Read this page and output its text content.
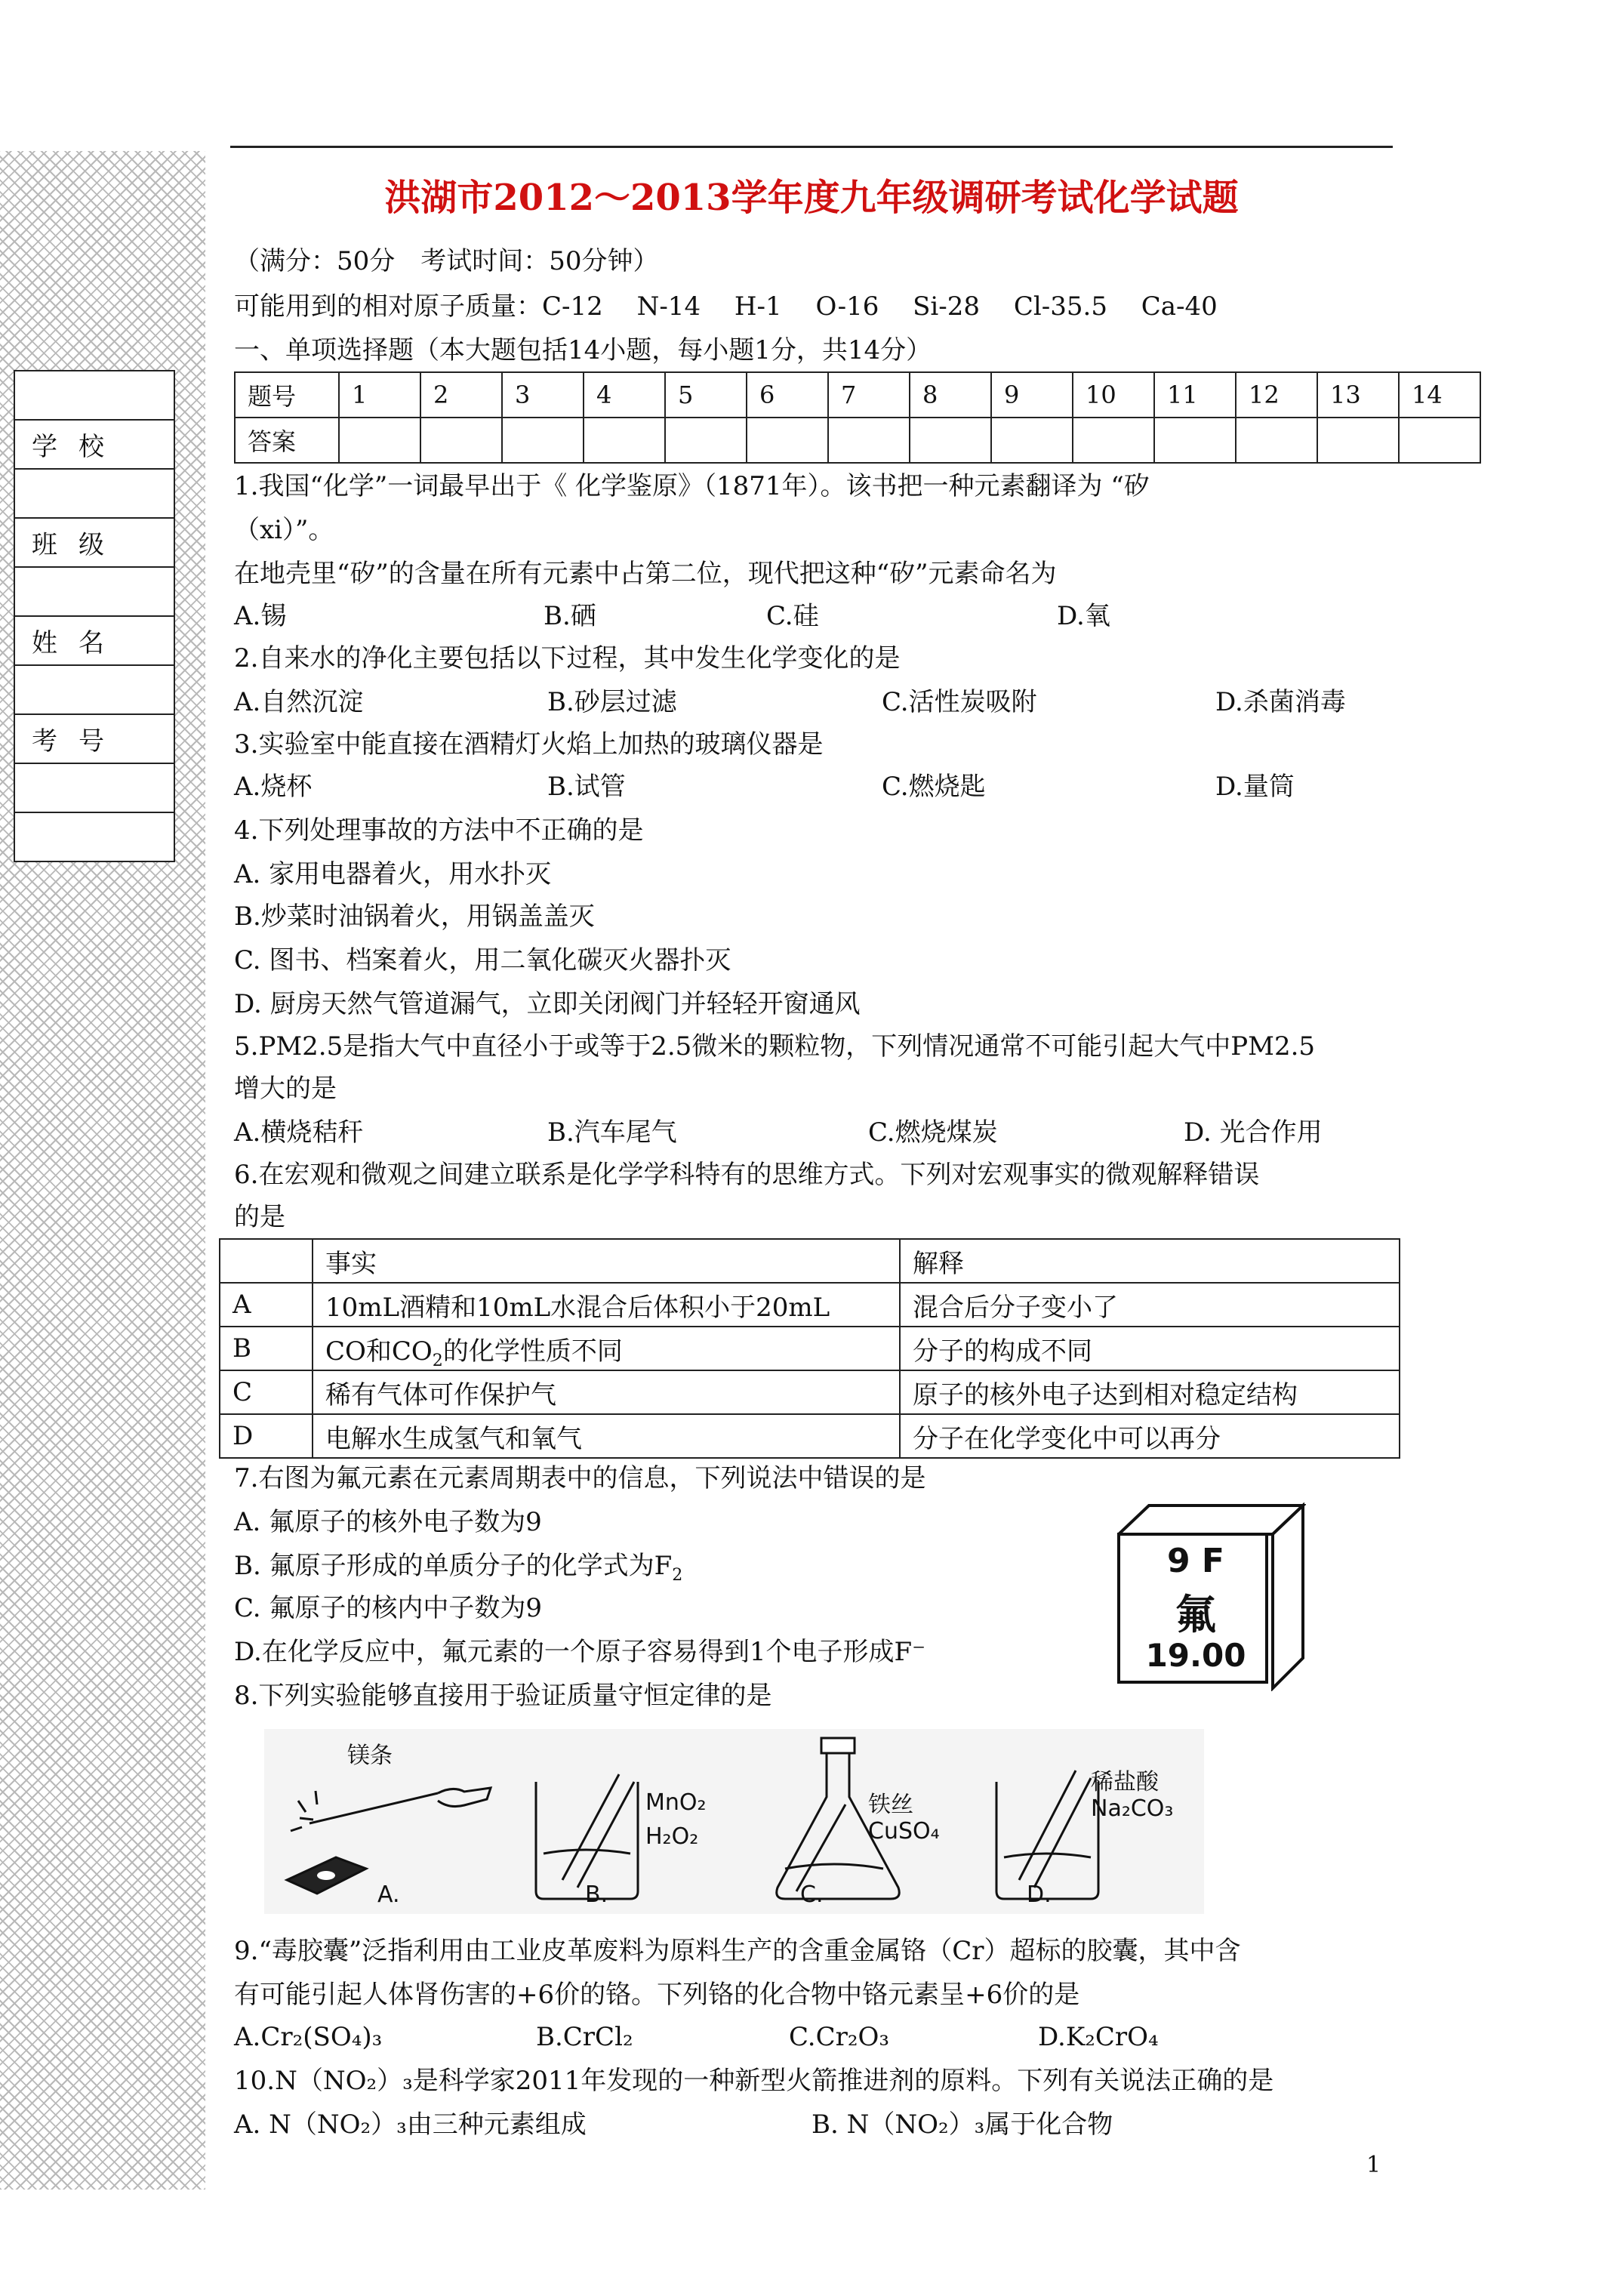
学校

班级

姓名

考号

洪湖市2012～2013学年度九年级调研考试化学试题
（满分：50分　考试时间：50分钟）
可能用到的相对原子质量：C-12　 N-14 　H-1　 O-16 　Si-28 　Cl-35.5 　Ca-40
一、单项选择题（本大题包括14小题，每小题1分，共14分）
题号	1	2	3	4	5	6	7	8	9	10	11	12	13	14
答案														
1.我国“化学”一词最早出于《 化学鉴原》（1871年）。该书把一种元素翻译为 “矽
（xi）”。
在地壳里“矽”的含量在所有元素中占第二位，现代把这种“矽”元素命名为
A.锡	B.硒	C.硅	D.氧
2.自来水的净化主要包括以下过程，其中发生化学变化的是
A.自然沉淀	B.砂层过滤	C.活性炭吸附	D.杀菌消毒
3.实验室中能直接在酒精灯火焰上加热的玻璃仪器是
A.烧杯	B.试管	C.燃烧匙	D.量筒
4.下列处理事故的方法中不正确的是
A. 家用电器着火，用水扑灭
B.炒菜时油锅着火，用锅盖盖灭
C. 图书、档案着火，用二氧化碳灭火器扑灭
D. 厨房天然气管道漏气，立即关闭阀门并轻轻开窗通风
5.PM2.5是指大气中直径小于或等于2.5微米的颗粒物，下列情况通常不可能引起大气中PM2.5
增大的是
A.横烧秸秆	B.汽车尾气	C.燃烧煤炭	D. 光合作用
6.在宏观和微观之间建立联系是化学学科特有的思维方式。下列对宏观事实的微观解释错误
的是
	事实	解释
A	10mL酒精和10mL水混合后体积小于20mL	混合后分子变小了
B	CO和$CO_2$的化学性质不同	分子的构成不同
C	稀有气体可作保护气	原子的核外电子达到相对稳定结构
D	电解水生成氢气和氧气	分子在化学变化中可以再分
7.右图为氟元素在元素周期表中的信息，下列说法中错误的是
A. 氟原子的核外电子数为9
B. 氟原子形成的单质分子的化学式为$F_2$
C. 氟原子的核内中子数为9
D.在化学反应中，氟元素的一个原子容易得到1个电子形成F⁻
9 F
氟
19.00
8.下列实验能够直接用于验证质量守恒定律的是
镁条
MnO₂
H₂O₂
铁丝
CuSO₄
稀盐酸
Na₂CO₃
A.	B.	C.	D.
9.“毒胶囊”泛指利用由工业皮革废料为原料生产的含重金属铬（Cr）超标的胶囊，其中含
有可能引起人体肾伤害的+6价的铬。下列铬的化合物中铬元素呈+6价的是
A.Cr₂(SO₄)₃	B.CrCl₂	C.Cr₂O₃	D.K₂CrO₄
10.N（NO₂）₃是科学家2011年发现的一种新型火箭推进剂的原料。下列有关说法正确的是
A. N（NO₂）₃由三种元素组成	B. N（NO₂）₃属于化合物
1
